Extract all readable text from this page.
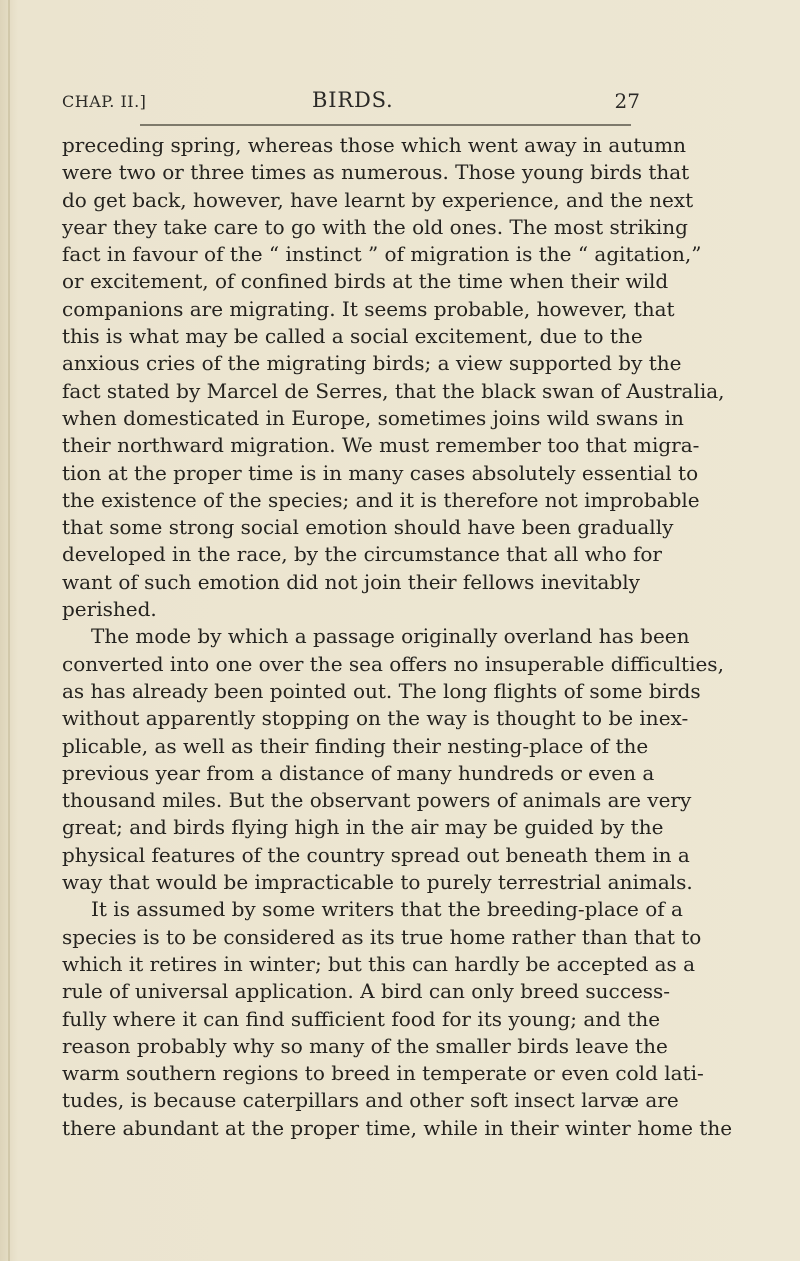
CHAP. II.]	BIRDS.	27
preceding spring, whereas those which went away in autumn
were two or three times as numerous. Those young birds that
do get back, however, have learnt by experience, and the next
year they take care to go with the old ones. The most striking
fact in favour of the “ instinct ” of migration is the “ agitation,”
or excitement, of confined birds at the time when their wild
companions are migrating. It seems probable, however, that
this is what may be called a social excitement, due to the
anxious cries of the migrating birds; a view supported by the
fact stated by Marcel de Serres, that the black swan of Australia,
when domesticated in Europe, sometimes joins wild swans in
their northward migration. We must remember too that migra-
tion at the proper time is in many cases absolutely essential to
the existence of the species; and it is therefore not improbable
that some strong social emotion should have been gradually
developed in the race, by the circumstance that all who for
want of such emotion did not join their fellows inevitably
perished.
The mode by which a passage originally overland has been
converted into one over the sea offers no insuperable difficulties,
as has already been pointed out. The long flights of some birds
without apparently stopping on the way is thought to be inex-
plicable, as well as their finding their nesting-place of the
previous year from a distance of many hundreds or even a
thousand miles. But the observant powers of animals are very
great; and birds flying high in the air may be guided by the
physical features of the country spread out beneath them in a
way that would be impracticable to purely terrestrial animals.
It is assumed by some writers that the breeding-place of a
species is to be considered as its true home rather than that to
which it retires in winter; but this can hardly be accepted as a
rule of universal application. A bird can only breed success-
fully where it can find sufficient food for its young; and the
reason probably why so many of the smaller birds leave the
warm southern regions to breed in temperate or even cold lati-
tudes, is because caterpillars and other soft insect larvæ are
there abundant at the proper time, while in their winter home the
